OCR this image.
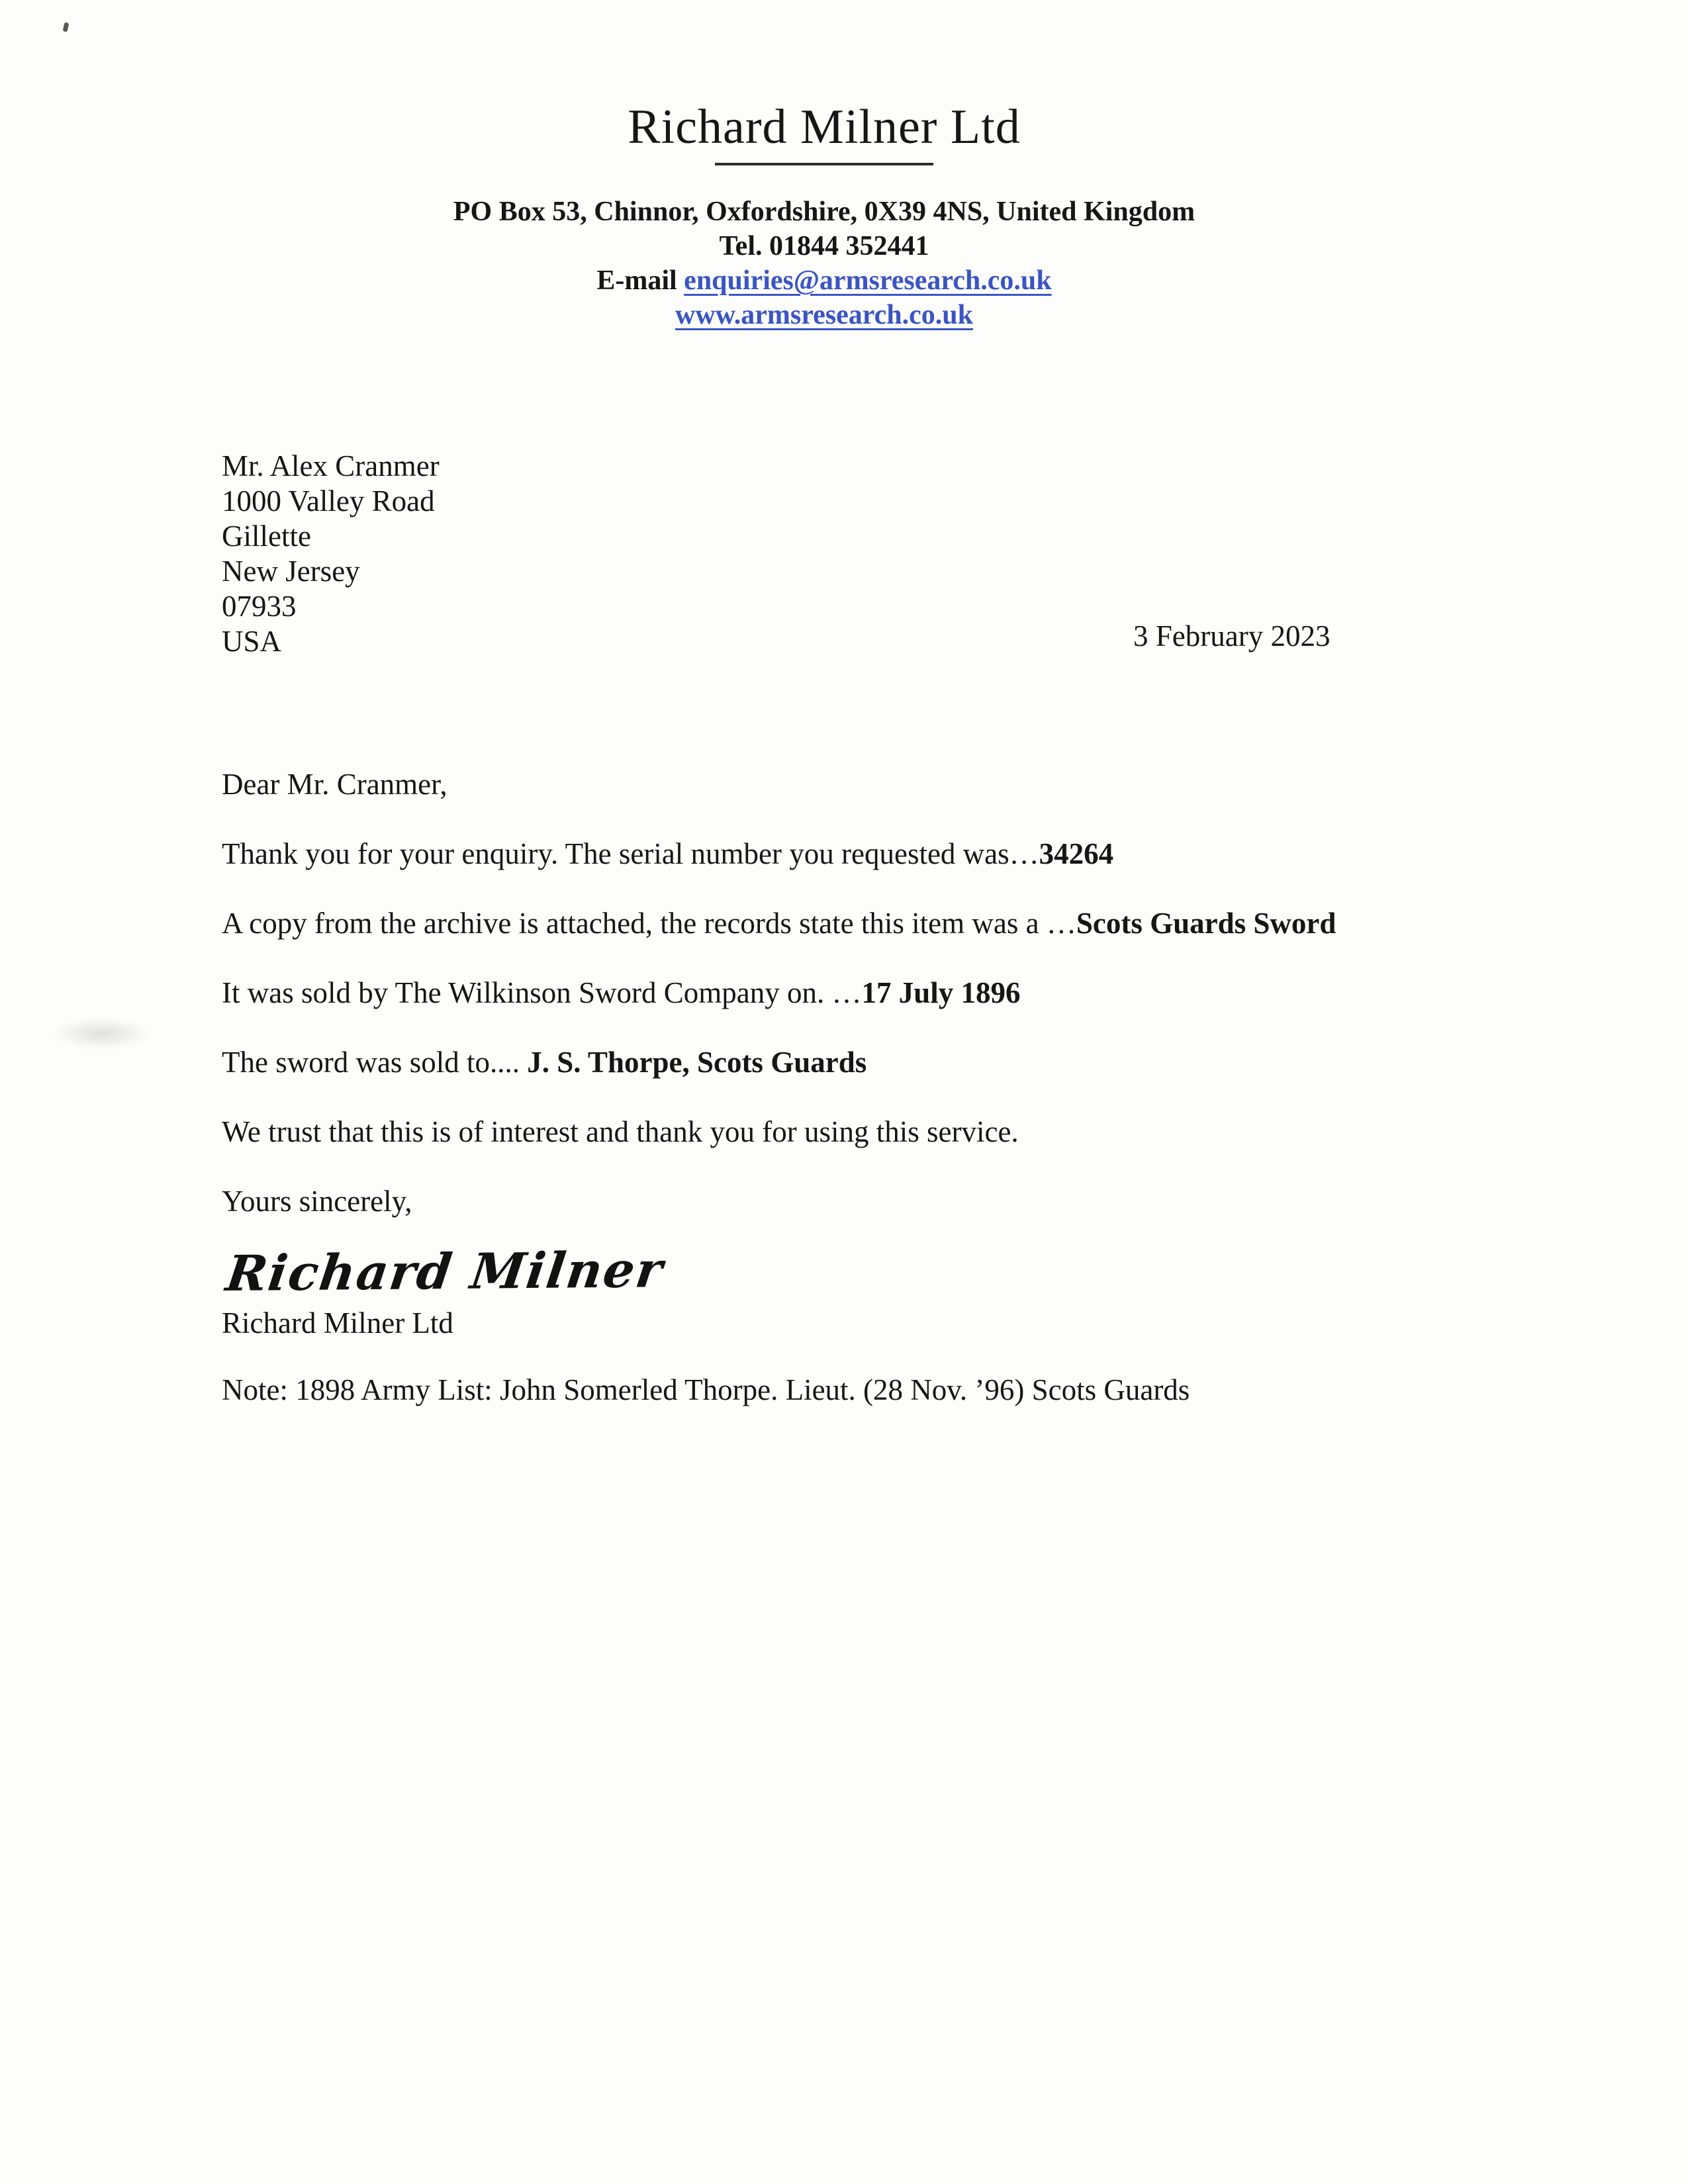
Richard Milner Ltd
PO Box 53, Chinnor, Oxfordshire, 0X39 4NS, United Kingdom
Tel. 01844 352441
E-mail enquiries@armsresearch.co.uk
www.armsresearch.co.uk
Mr. Alex Cranmer
1000 Valley Road
Gillette
New Jersey
07933
USA	3 February 2023

Dear Mr. Cranmer,

Thank you for your enquiry. The serial number you requested was…34264

A copy from the archive is attached, the records state this item was a …Scots Guards Sword

It was sold by The Wilkinson Sword Company on. …17 July 1896

The sword was sold to.... J. S. Thorpe, Scots Guards

We trust that this is of interest and thank you for using this service.

Yours sincerely,

Richard Milner
Richard Milner Ltd

Note: 1898 Army List: John Somerled Thorpe. Lieut. (28 Nov. ’96) Scots Guards
